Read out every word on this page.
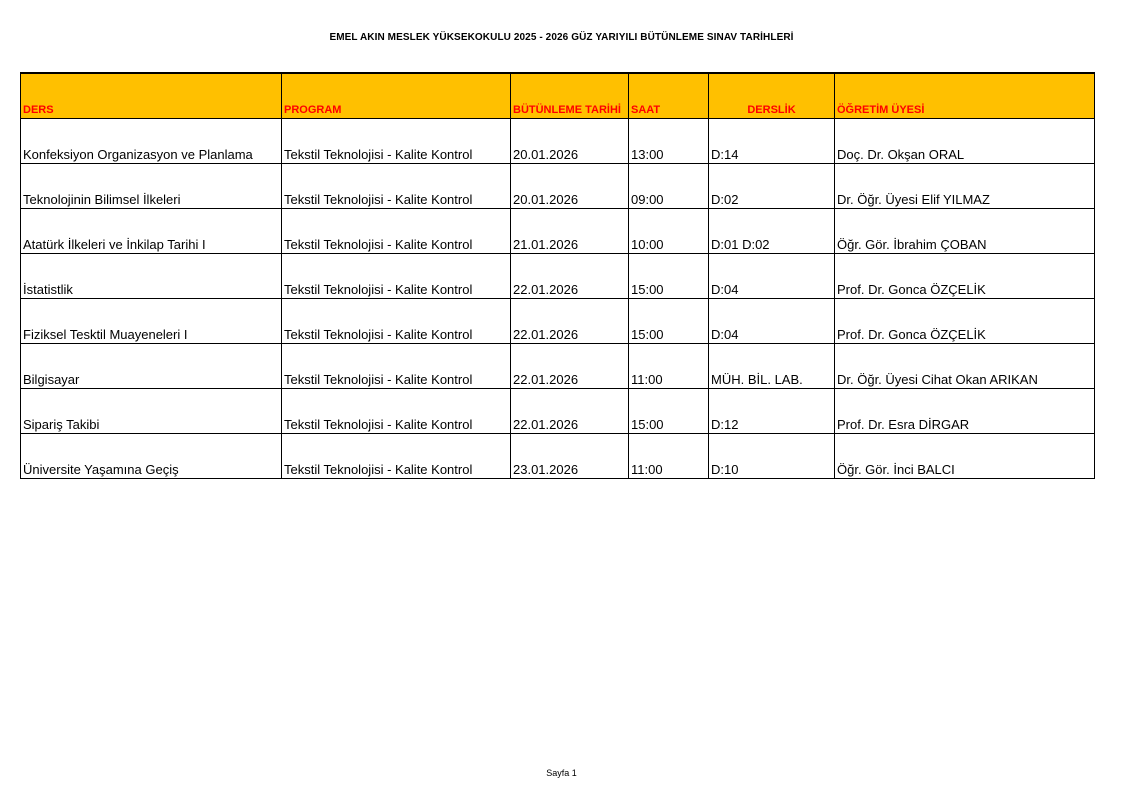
EMEL AKIN MESLEK YÜKSEKOKULU 2025 - 2026 GÜZ YARIYILI BÜTÜNLEME SINAV TARİHLERİ
DERS	PROGRAM	BÜTÜNLEME TARİHİ	SAAT	DERSLİK	ÖĞRETİM ÜYESİ
Konfeksiyon Organizasyon ve Planlama	Tekstil Teknolojisi - Kalite Kontrol	20.01.2026	13:00	D:14	Doç. Dr. Okşan ORAL
Teknolojinin Bilimsel İlkeleri	Tekstil Teknolojisi - Kalite Kontrol	20.01.2026	09:00	D:02	Dr. Öğr. Üyesi Elif YILMAZ
Atatürk İlkeleri ve İnkilap Tarihi I	Tekstil Teknolojisi - Kalite Kontrol	21.01.2026	10:00	D:01 D:02	Öğr. Gör. İbrahim ÇOBAN
İstatistlik	Tekstil Teknolojisi - Kalite Kontrol	22.01.2026	15:00	D:04	Prof. Dr. Gonca ÖZÇELİK
Fiziksel Tesktil Muayeneleri I	Tekstil Teknolojisi - Kalite Kontrol	22.01.2026	15:00	D:04	Prof. Dr. Gonca ÖZÇELİK
Bilgisayar	Tekstil Teknolojisi - Kalite Kontrol	22.01.2026	11:00	MÜH. BİL. LAB.	Dr. Öğr. Üyesi Cihat Okan ARIKAN
Sipariş Takibi	Tekstil Teknolojisi - Kalite Kontrol	22.01.2026	15:00	D:12	Prof. Dr. Esra DİRGAR
Üniversite Yaşamına Geçiş	Tekstil Teknolojisi - Kalite Kontrol	23.01.2026	11:00	D:10	Öğr. Gör. İnci BALCI
Sayfa 1
